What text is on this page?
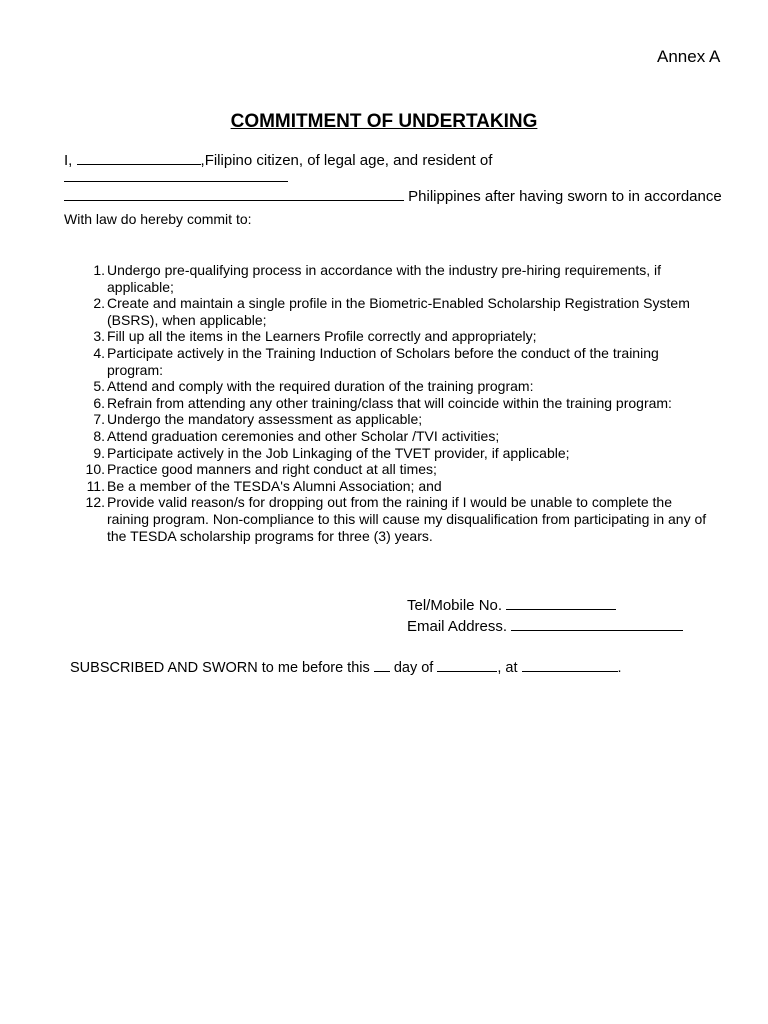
Annex A
COMMITMENT OF UNDERTAKING
I,	,Filipino citizen, of legal age, and resident of
Philippines after having sworn to in accordance
With law do hereby commit to:
1. Undergo pre-qualifying process in accordance with the industry pre-hiring requirements, if applicable;
2. Create and maintain a single profile in the Biometric-Enabled Scholarship Registration System (BSRS), when applicable;
3. Fill up all the items in the Learners Profile correctly and appropriately;
4. Participate actively in the Training Induction of Scholars before the conduct of the training program:
5. Attend and comply with the required duration of the training program:
6. Refrain from attending any other training/class that will coincide within the training program:
7. Undergo the mandatory assessment as applicable;
8. Attend graduation ceremonies and other Scholar /TVI activities;
9. Participate actively in the Job Linkaging of the TVET provider, if applicable;
10. Practice good manners and right conduct at all times;
11. Be a member of the TESDA's Alumni Association; and
12. Provide valid reason/s for dropping out from the raining if I would be unable to complete the raining program. Non-compliance to this will cause my disqualification from participating in any of the TESDA scholarship programs for three (3) years.
Tel/Mobile No.
Email Address.
SUBSCRIBED AND SWORN to me before this day of	, at	.
